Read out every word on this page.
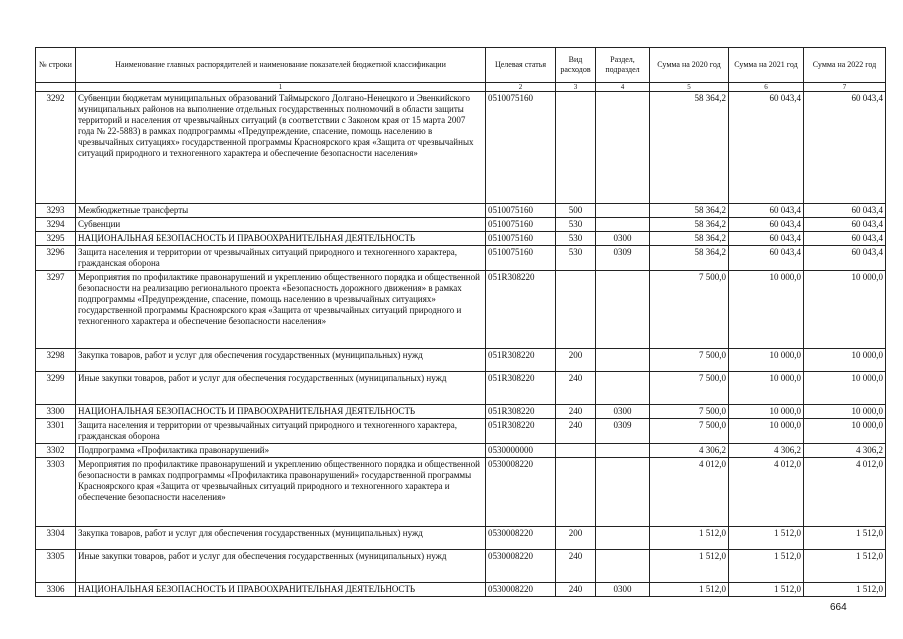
№ строки	Наименование главных распорядителей и наименование показателей бюджетной классификации	Целевая статья	Вид расходов	Раздел, подраздел	Сумма на 2020 год	Сумма на 2021 год	Сумма на 2022 год
	1	2	3	4	5	6	7
3292	Субвенции бюджетам муниципальных образований Таймырского Долгано-Ненецкого и Эвенкийского муниципальных районов на выполнение отдельных государственных полномочий в области защиты территорий и населения от чрезвычайных ситуаций (в соответствии с Законом края от 15 марта 2007 года № 22-5883) в рамках подпрограммы «Предупреждение, спасение, помощь населению в чрезвычайных ситуациях» государственной программы Красноярского края «Защита от чрезвычайных ситуаций природного и техногенного характера и обеспечение безопасности населения»	0510075160			58 364,2	60 043,4	60 043,4
3293	Межбюджетные трансферты	0510075160	500		58 364,2	60 043,4	60 043,4
3294	Субвенции	0510075160	530		58 364,2	60 043,4	60 043,4
3295	НАЦИОНАЛЬНАЯ БЕЗОПАСНОСТЬ И ПРАВООХРАНИТЕЛЬНАЯ ДЕЯТЕЛЬНОСТЬ	0510075160	530	0300	58 364,2	60 043,4	60 043,4
3296	Защита населения и территории от чрезвычайных ситуаций природного и техногенного характера, гражданская оборона	0510075160	530	0309	58 364,2	60 043,4	60 043,4
3297	Мероприятия по профилактике правонарушений и укреплению общественного порядка и общественной безопасности на реализацию регионального проекта «Безопасность дорожного движения» в рамках подпрограммы «Предупреждение, спасение, помощь населению в чрезвычайных ситуациях» государственной программы Красноярского края «Защита от чрезвычайных ситуаций природного и техногенного характера и обеспечение безопасности населения»	051R308220			7 500,0	10 000,0	10 000,0
3298	Закупка товаров, работ и услуг для обеспечения государственных (муниципальных) нужд	051R308220	200		7 500,0	10 000,0	10 000,0
3299	Иные закупки товаров, работ и услуг для обеспечения государственных (муниципальных) нужд	051R308220	240		7 500,0	10 000,0	10 000,0
3300	НАЦИОНАЛЬНАЯ БЕЗОПАСНОСТЬ И ПРАВООХРАНИТЕЛЬНАЯ ДЕЯТЕЛЬНОСТЬ	051R308220	240	0300	7 500,0	10 000,0	10 000,0
3301	Защита населения и территории от чрезвычайных ситуаций природного и техногенного характера, гражданская оборона	051R308220	240	0309	7 500,0	10 000,0	10 000,0
3302	Подпрограмма «Профилактика правонарушений»	0530000000			4 306,2	4 306,2	4 306,2
3303	Мероприятия по профилактике правонарушений и укреплению общественного порядка и общественной безопасности в рамках подпрограммы «Профилактика правонарушений» государственной программы Красноярского края «Защита от чрезвычайных ситуаций природного и техногенного характера и обеспечение безопасности населения»	0530008220			4 012,0	4 012,0	4 012,0
3304	Закупка товаров, работ и услуг для обеспечения государственных (муниципальных) нужд	0530008220	200		1 512,0	1 512,0	1 512,0
3305	Иные закупки товаров, работ и услуг для обеспечения государственных (муниципальных) нужд	0530008220	240		1 512,0	1 512,0	1 512,0
3306	НАЦИОНАЛЬНАЯ БЕЗОПАСНОСТЬ И ПРАВООХРАНИТЕЛЬНАЯ ДЕЯТЕЛЬНОСТЬ	0530008220	240	0300	1 512,0	1 512,0	1 512,0
664
